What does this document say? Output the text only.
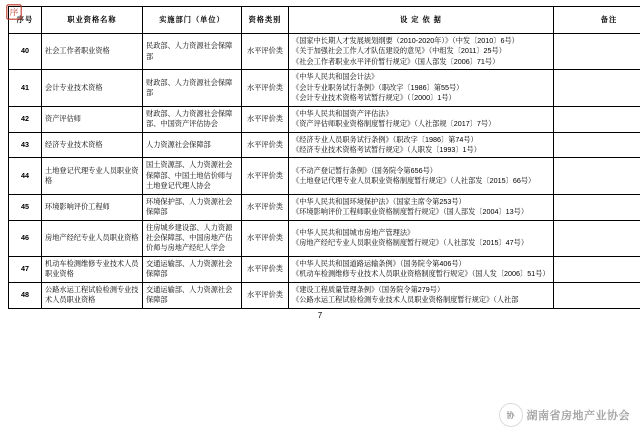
序
序号	职业资格名称	实施部门（单位）	资格类别	设 定 依 据	备注
40	社会工作者职业资格	民政部、人力资源社会保障部	水平评价类	《国家中长期人才发展规划纲要（2010-2020年）》（中发〔2010〕6号）

《关于加强社会工作人才队伍建设的意见》（中组发〔2011〕25号）

《社会工作者职业水平评价暂行规定》（国人部发〔2006〕71号）	

41	会计专业技术资格	财政部、人力资源社会保障部	水平评价类	《中华人民共和国会计法》

《会计专业职务试行条例》（职改字〔1986〕第55号）

《会计专业技术资格考试暂行规定》（〔2000〕1号）	

42	资产评估师	财政部、人力资源社会保障部、中国资产评估协会	水平评价类	《中华人民共和国资产评估法》

《资产评估师职业资格制度暂行规定》（人社部规〔2017〕7号）	

43	经济专业技术资格	人力资源社会保障部	水平评价类	《经济专业人员职务试行条例》（职改字〔1986〕第74号）

《经济专业技术资格考试暂行规定》（人职发〔1993〕1号）	

44	土地登记代理专业人员职业资格	国土资源部、人力资源社会保障部、中国土地估价师与土地登记代理人协会	水平评价类	《不动产登记暂行条例》（国务院令第656号）

《土地登记代理专业人员职业资格制度暂行规定》（人社部发〔2015〕66号）	

45	环境影响评价工程师	环境保护部、人力资源社会保障部	水平评价类	《中华人民共和国环境保护法》（国家主席令第253号）

《环境影响评价工程师职业资格制度暂行规定》（国人部发〔2004〕13号）	

46	房地产经纪专业人员职业资格	住房城乡建设部、人力资源社会保障部、中国房地产估价师与房地产经纪人学会	水平评价类	《中华人民共和国城市房地产管理法》

《房地产经纪专业人员职业资格制度暂行规定》（人社部发〔2015〕47号）	

47	机动车检测维修专业技术人员职业资格	交通运输部、人力资源社会保障部	水平评价类	《中华人民共和国道路运输条例》（国务院令第406号）

《机动车检测维修专业技术人员职业资格制度暂行规定》（国人发〔2006〕51号）	

48	公路水运工程试验检测专业技术人员职业资格	交通运输部、人力资源社会保障部	水平评价类	《建设工程质量管理条例》（国务院令第279号）

《公路水运工程试验检测专业技术人员职业资格制度暂行规定》（人社部	

7
协	湖南省房地产业协会
